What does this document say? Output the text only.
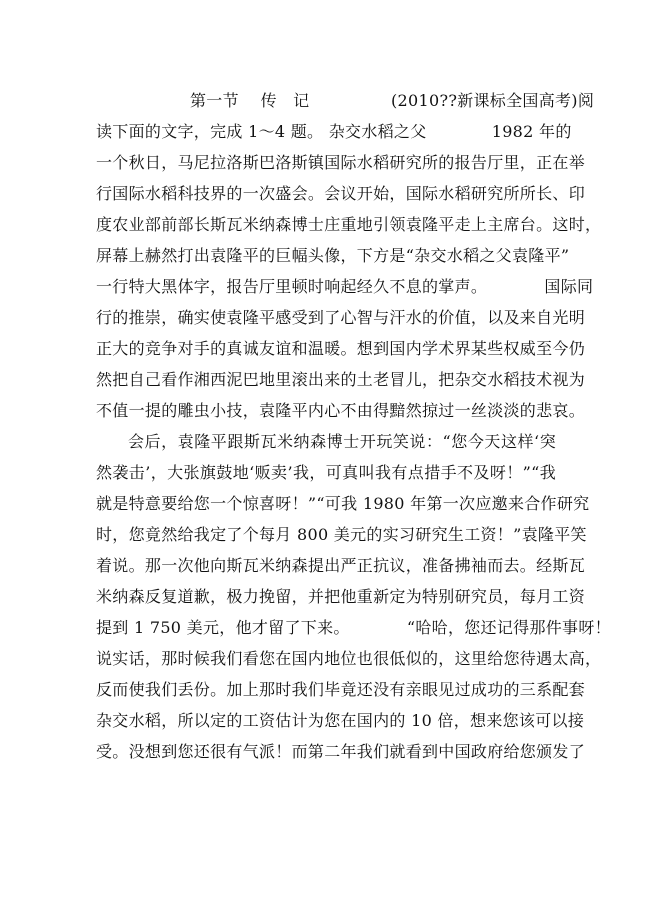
第一节　 传　记　　　　　(2010??新课标全国高考)阅
读下面的文字，完成 1～4 题。 杂交水稻之父　　　　1982 年的
一个秋日，马尼拉洛斯巴洛斯镇国际水稻研究所的报告厅里，正在举
行国际水稻科技界的一次盛会。会议开始，国际水稻研究所所长、印
度农业部前部长斯瓦米纳森博士庄重地引领袁隆平走上主席台。这时，
屏幕上赫然打出袁隆平的巨幅头像，下方是“杂交水稻之父袁隆平”
一行特大黑体字，报告厅里顿时响起经久不息的掌声。　　　　国际同
行的推崇，确实使袁隆平感受到了心智与汗水的价值，以及来自光明
正大的竞争对手的真诚友谊和温暖。想到国内学术界某些权威至今仍
然把自己看作湘西泥巴地里滚出来的土老冒儿，把杂交水稻技术视为
不值一提的雕虫小技，袁隆平内心不由得黯然掠过一丝淡淡的悲哀。
会后，袁隆平跟斯瓦米纳森博士开玩笑说：“您今天这样‘突
然袭击’，大张旗鼓地‘贩卖’我，可真叫我有点措手不及呀！”“我
就是特意要给您一个惊喜呀！”“可我 1980 年第一次应邀来合作研究
时，您竟然给我定了个每月 800 美元的实习研究生工资！”袁隆平笑
着说。那一次他向斯瓦米纳森提出严正抗议，准备拂袖而去。经斯瓦
米纳森反复道歉，极力挽留，并把他重新定为特别研究员，每月工资
提到 1 750 美元，他才留了下来。　　　　“哈哈，您还记得那件事呀！
说实话，那时候我们看您在国内地位也很低似的，这里给您待遇太高，
反而使我们丢份。加上那时我们毕竟还没有亲眼见过成功的三系配套
杂交水稻，所以定的工资估计为您在国内的 10 倍，想来您该可以接
受。没想到您还很有气派！而第二年我们就看到中国政府给您颁发了
